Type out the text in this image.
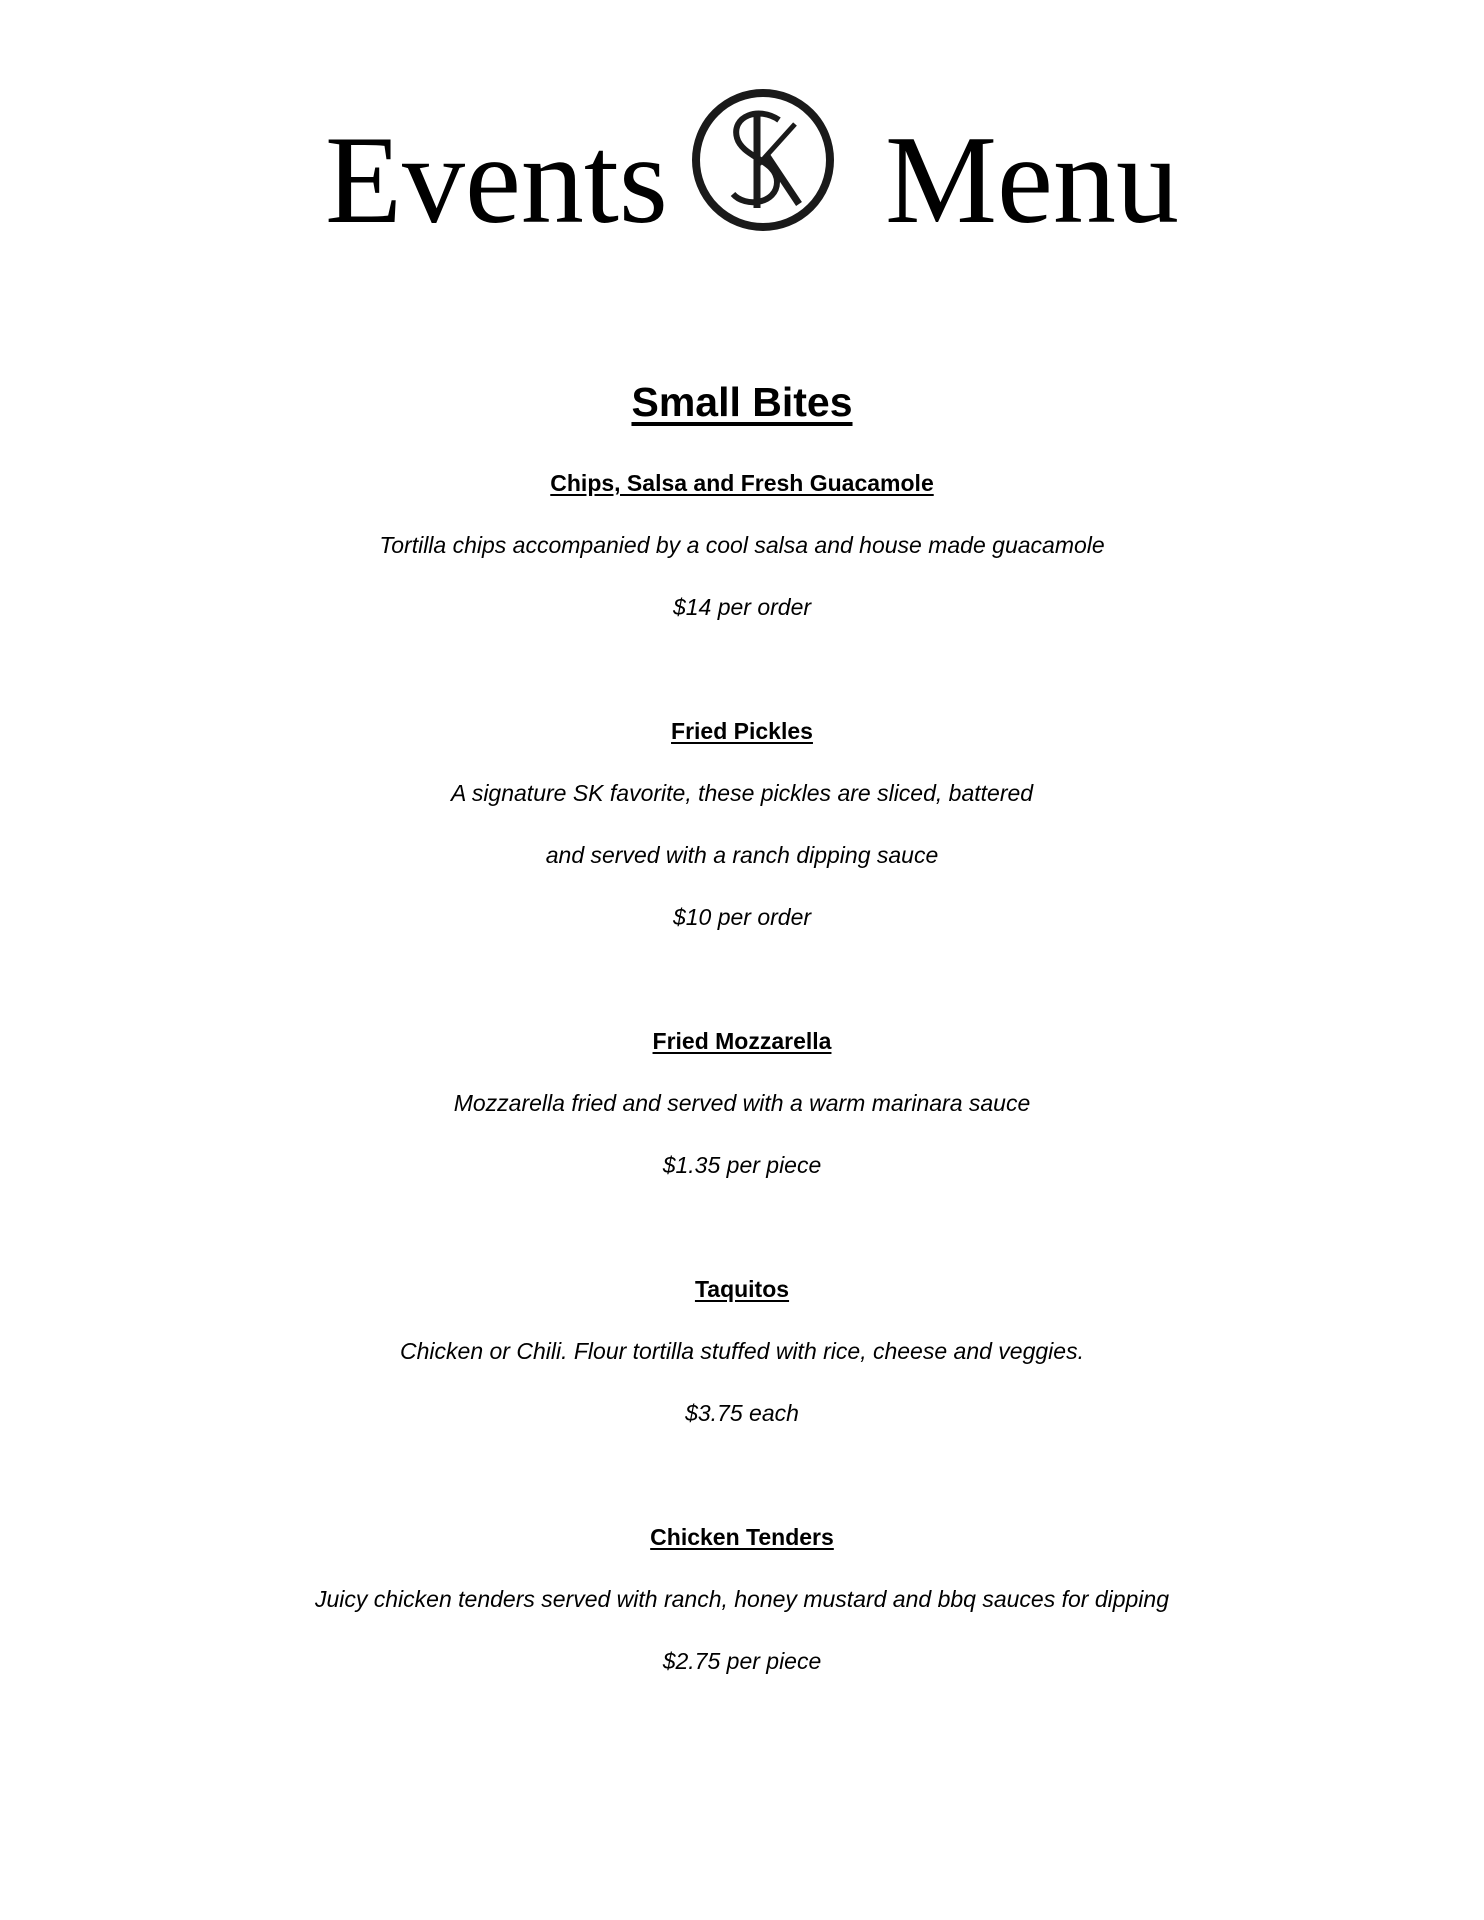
Events Menu
Small Bites
Chips, Salsa and Fresh Guacamole
Tortilla chips accompanied by a cool salsa and house made guacamole
$14 per order
Fried Pickles
A signature SK favorite, these pickles are sliced, battered
and served with a ranch dipping sauce
$10 per order
Fried Mozzarella
Mozzarella fried and served with a warm marinara sauce
$1.35 per piece
Taquitos
Chicken or Chili. Flour tortilla stuffed with rice, cheese and veggies.
$3.75 each
Chicken Tenders
Juicy chicken tenders served with ranch, honey mustard and bbq sauces for dipping
$2.75 per piece
